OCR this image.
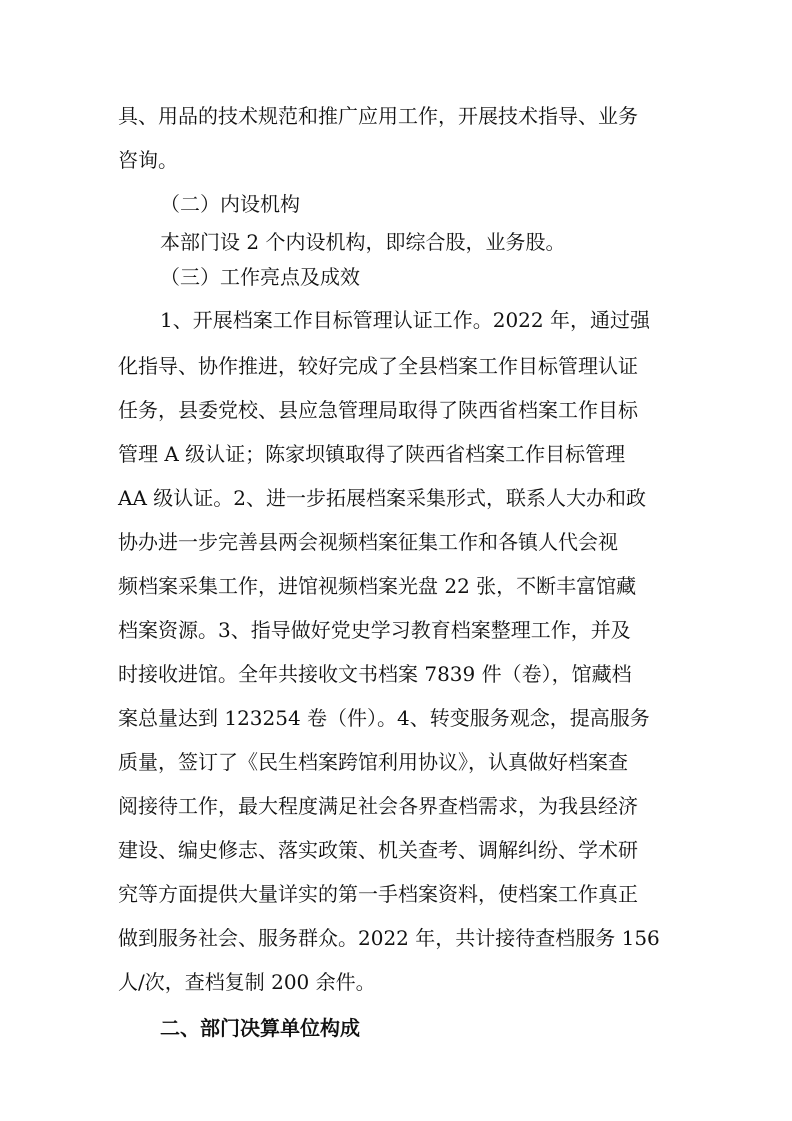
具、用品的技术规范和推广应用工作，开展技术指导、业务
咨询。
（二）内设机构
本部门设 2 个内设机构，即综合股，业务股。
（三）工作亮点及成效
1、开展档案工作目标管理认证工作。2022 年，通过强
化指导、协作推进，较好完成了全县档案工作目标管理认证
任务，县委党校、县应急管理局取得了陕西省档案工作目标
管理 A 级认证；陈家坝镇取得了陕西省档案工作目标管理
AA 级认证。2、进一步拓展档案采集形式，联系人大办和政
协办进一步完善县两会视频档案征集工作和各镇人代会视
频档案采集工作，进馆视频档案光盘 22 张，不断丰富馆藏
档案资源。3、指导做好党史学习教育档案整理工作，并及
时接收进馆。全年共接收文书档案 7839 件（卷），馆藏档
案总量达到 123254 卷（件）。4、转变服务观念，提高服务
质量，签订了《民生档案跨馆利用协议》，认真做好档案查
阅接待工作，最大程度满足社会各界查档需求，为我县经济
建设、编史修志、落实政策、机关查考、调解纠纷、学术研
究等方面提供大量详实的第一手档案资料，使档案工作真正
做到服务社会、服务群众。2022 年，共计接待查档服务 156
人/次，查档复制 200 余件。
二、部门决算单位构成
